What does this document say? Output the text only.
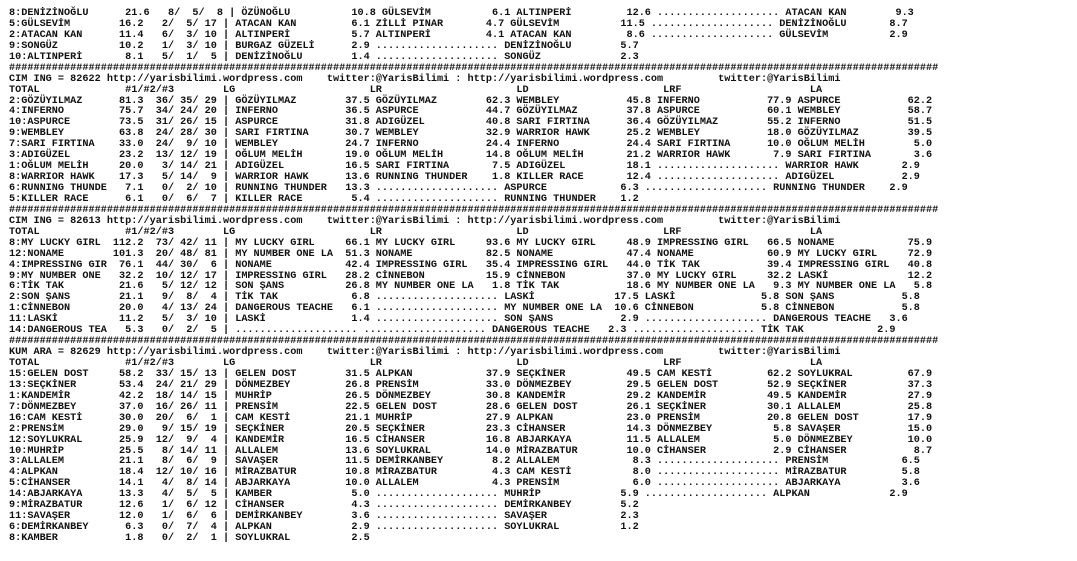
8:DENİZİNOĞLU      21.6   8/  5/  8 | ÖZÜNOĞLU          10.8 GÜLSEVİM          6.1 ALTINPERİ         12.6 .................... ATACAN KAN        9.3
5:GÜLSEVİM        16.2   2/  5/ 17 | ATACAN KAN         6.1 ZİLLİ PINAR       4.7 GÜLSEVİM          11.5 .................... DENİZİNOĞLU       8.7
2:ATACAN KAN      11.4   6/  3/ 10 | ALTINPERİ          5.7 ALTINPERİ         4.1 ATACAN KAN         8.6 .................... GÜLSEVİM          2.9
9:SONGÜZ          10.2   1/  3/ 10 | BURGAZ GÜZELİ      2.9 .................... DENİZİNOĞLU        5.7
10:ALTINPERİ       8.1   5/  1/  5 | DENİZİNOĞLU        1.4 .................... SONGÜZ             2.3
########################################################################################################################################################
CIM ING = 82622 http://yarisbilimi.wordpress.com    twitter:@YarisBilimi : http://yarisbilimi.wordpress.com         twitter:@YarisBilimi
TOTAL              #1/#2/#3        LG                      LR                      LD                      LRF                     LA
2:GÖZÜYILMAZ      81.3  36/ 35/ 29 | GÖZÜYILMAZ        37.5 GÖZÜYILMAZ        62.3 WEMBLEY           45.8 INFERNO           77.9 ASPURCE           62.2
4:INFERNO         75.7  34/ 24/ 20 | INFERNO           36.5 ASPURCE           44.7 GÖZÜYILMAZ        37.8 ASPURCE           60.1 WEMBLEY           58.7
10:ASPURCE        73.5  31/ 26/ 15 | ASPURCE           31.8 ADIGÜZEL          40.8 SARI FIRTINA      36.4 GÖZÜYILMAZ        55.2 INFERNO           51.5
9:WEMBLEY         63.8  24/ 28/ 30 | SARI FIRTINA      30.7 WEMBLEY           32.9 WARRIOR HAWK      25.2 WEMBLEY           18.0 GÖZÜYILMAZ        39.5
7:SARI FIRTINA    33.0  24/  9/ 10 | WEMBLEY           24.7 INFERNO           24.4 INFERNO           24.4 SARI FIRTINA      10.0 OĞLUM MELİH        5.0
3:ADIGÜZEL        23.2  13/ 12/ 19 | OĞLUM MELİH       19.0 OĞLUM MELİH       14.8 OĞLUM MELİH       21.2 WARRIOR HAWK       7.9 SARI FIRTINA       3.6
1:OĞLUM MELİH     20.0   3/ 14/ 21 | ADIGÜZEL          16.5 SARI FIRTINA       7.5 ADIGÜZEL          18.1 .................... WARRIOR HAWK       2.9
8:WARRIOR HAWK    17.3   5/ 14/  9 | WARRIOR HAWK      13.6 RUNNING THUNDER    1.8 KILLER RACE       12.4 .................... ADIGÜZEL           2.9
6:RUNNING THUNDE   7.1   0/  2/ 10 | RUNNING THUNDER   13.3 .................... ASPURCE            6.3 .................... RUNNING THUNDER    2.9
5:KILLER RACE      6.1   0/  6/  7 | KILLER RACE        5.4 .................... RUNNING THUNDER    1.2
########################################################################################################################################################
CIM ING = 82613 http://yarisbilimi.wordpress.com    twitter:@YarisBilimi : http://yarisbilimi.wordpress.com         twitter:@YarisBilimi
TOTAL              #1/#2/#3        LG                      LR                      LD                      LRF                     LA
8:MY LUCKY GIRL  112.2  73/ 42/ 11 | MY LUCKY GIRL     66.1 MY LUCKY GIRL     93.6 MY LUCKY GIRL     48.9 IMPRESSING GIRL   66.5 NONAME            75.9
12:NONAME        101.3  20/ 48/ 81 | MY NUMBER ONE LA  51.3 NONAME            82.5 NONAME            47.4 NONAME            60.9 MY LUCKY GIRL     72.9
4:IMPRESSING GIR  76.1  44/ 30/  6 | NONAME            42.4 IMPRESSING GIRL   35.4 IMPRESSING GIRL   44.0 TİK TAK           39.4 IMPRESSING GIRL   40.8
9:MY NUMBER ONE   32.2  10/ 12/ 17 | IMPRESSING GIRL   28.2 CİNNEBON          15.9 CİNNEBON          37.0 MY LUCKY GIRL     32.2 LASKİ             12.2
6:TİK TAK         21.6   5/ 12/ 12 | SON ŞANS          26.8 MY NUMBER ONE LA   1.8 TİK TAK           18.6 MY NUMBER ONE LA   9.3 MY NUMBER ONE LA   5.8
2:SON ŞANS        21.1   9/  8/  4 | TİK TAK            6.8 .................... LASKİ             17.5 LASKİ              5.8 SON ŞANS           5.8
1:CİNNEBON        20.0   4/ 13/ 24 | DANGEROUS TEACHE   6.1 .................... MY NUMBER ONE LA  10.6 CİNNEBON           5.8 CİNNEBON           5.8
11:LASKİ          11.2   5/  3/ 10 | LASKİ              1.4 .................... SON ŞANS           2.9 .................... DANGEROUS TEACHE   3.6
14:DANGEROUS TEA   5.3   0/  2/  5 | .................... .................... DANGEROUS TEACHE   2.3 .................... TİK TAK            2.9
########################################################################################################################################################
KUM ARA = 82629 http://yarisbilimi.wordpress.com    twitter:@YarisBilimi : http://yarisbilimi.wordpress.com         twitter:@YarisBilimi
TOTAL              #1/#2/#3        LG                      LR                      LD                      LRF                     LA
15:GELEN DOST     58.2  33/ 15/ 13 | GELEN DOST        31.5 ALPKAN            37.9 SEÇKİNER          49.5 CAM KESTİ         62.2 SOYLUKRAL         67.9
13:SEÇKİNER       53.4  24/ 21/ 29 | DÖNMEZBEY         26.8 PRENSİM           33.0 DÖNMEZBEY         29.5 GELEN DOST        52.9 SEÇKİNER          37.3
1:KANDEMİR        42.2  18/ 14/ 15 | MUHRİP            26.5 DÖNMEZBEY         30.8 KANDEMİR          29.2 KANDEMİR          49.5 KANDEMİR          27.9
7:DÖNMEZBEY       37.0  16/ 26/ 11 | PRENSİM           22.5 GELEN DOST        28.6 GELEN DOST        26.1 SEÇKİNER          30.1 ALLALEM           25.8
16:CAM KESTİ      30.0  20/  6/  1 | CAM KESTİ         21.1 MUHRİP            27.9 ALPKAN            23.0 PRENSİM           20.8 GELEN DOST        17.9
2:PRENSİM         29.0   9/ 15/ 19 | SEÇKİNER          20.5 SEÇKİNER          23.3 CİHANSER          14.3 DÖNMEZBEY          5.8 SAVAŞER           15.0
12:SOYLUKRAL      25.9  12/  9/  4 | KANDEMİR          16.5 CİHANSER          16.8 ABJARKAYA         11.5 ALLALEM            5.0 DÖNMEZBEY         10.0
10:MUHRİP         25.5   8/ 14/ 11 | ALLALEM           13.6 SOYLUKRAL         14.0 MİRAZBATUR        10.0 CİHANSER           2.9 CİHANSER           8.7
3:ALLALEM         21.1   8/  6/  9 | SAVAŞER           11.5 DEMİRKANBEY        8.2 ALLALEM            8.3 .................... PRENSİM            6.5
4:ALPKAN          18.4  12/ 10/ 16 | MİRAZBATUR        10.8 MİRAZBATUR         4.3 CAM KESTİ          8.0 .................... MİRAZBATUR         5.8
5:CİHANSER        14.1   4/  8/ 14 | ABJARKAYA         10.0 ALLALEM            4.3 PRENSİM            6.0 .................... ABJARKAYA          3.6
14:ABJARKAYA      13.3   4/  5/  5 | KAMBER             5.0 .................... MUHRİP             5.9 .................... ALPKAN             2.9
9:MİRAZBATUR      12.6   1/  6/ 12 | CİHANSER           4.3 .................... DEMİRKANBEY        5.2
11:SAVAŞER        12.0   1/  6/  6 | DEMİRKANBEY        3.6 .................... SAVAŞER            2.3
6:DEMİRKANBEY      6.3   0/  7/  4 | ALPKAN             2.9 .................... SOYLUKRAL          1.2
8:KAMBER           1.8   0/  2/  1 | SOYLUKRAL          2.5
